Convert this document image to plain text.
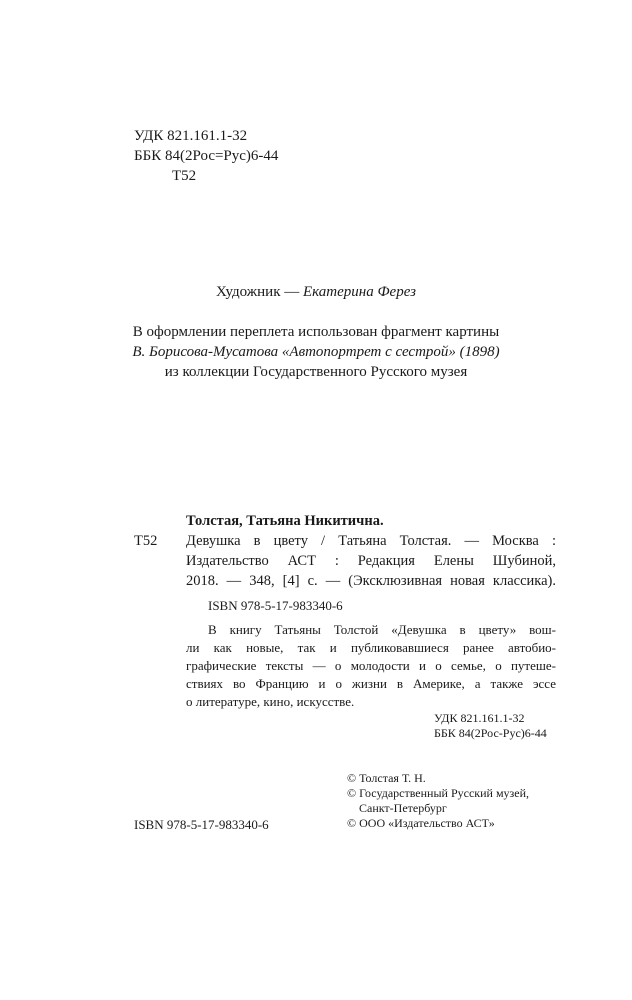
УДК 821.161.1-32
ББК 84(2Рос=Рус)6-44
Т52
Художник — Екатерина Ферез
В оформлении переплета использован фрагмент картины
В. Борисова-Мусатова «Автопортрет с сестрой» (1898)
из коллекции Государственного Русского музея
Толстая, Татьяна Никитична.
Т52 Девушка в цвету / Татьяна Толстая. — Москва :
Издательство АСТ : Редакция Елены Шубиной,
2018. — 348, [4] с. — (Эксклюзивная новая классика).
ISBN 978-5-17-983340-6
В книгу Татьяны Толстой «Девушка в цвету» вош-
ли как новые, так и публиковавшиеся ранее автобио-
графические тексты — о молодости и о семье, о путеше-
ствиях во Францию и о жизни в Америке, а также эссе
о литературе, кино, искусстве.
УДК 821.161.1-32
ББК 84(2Рос-Рус)6-44
© Толстая Т. Н.
© Государственный Русский музей,
Санкт-Петербург
© ООО «Издательство АСТ»
ISBN 978-5-17-983340-6
